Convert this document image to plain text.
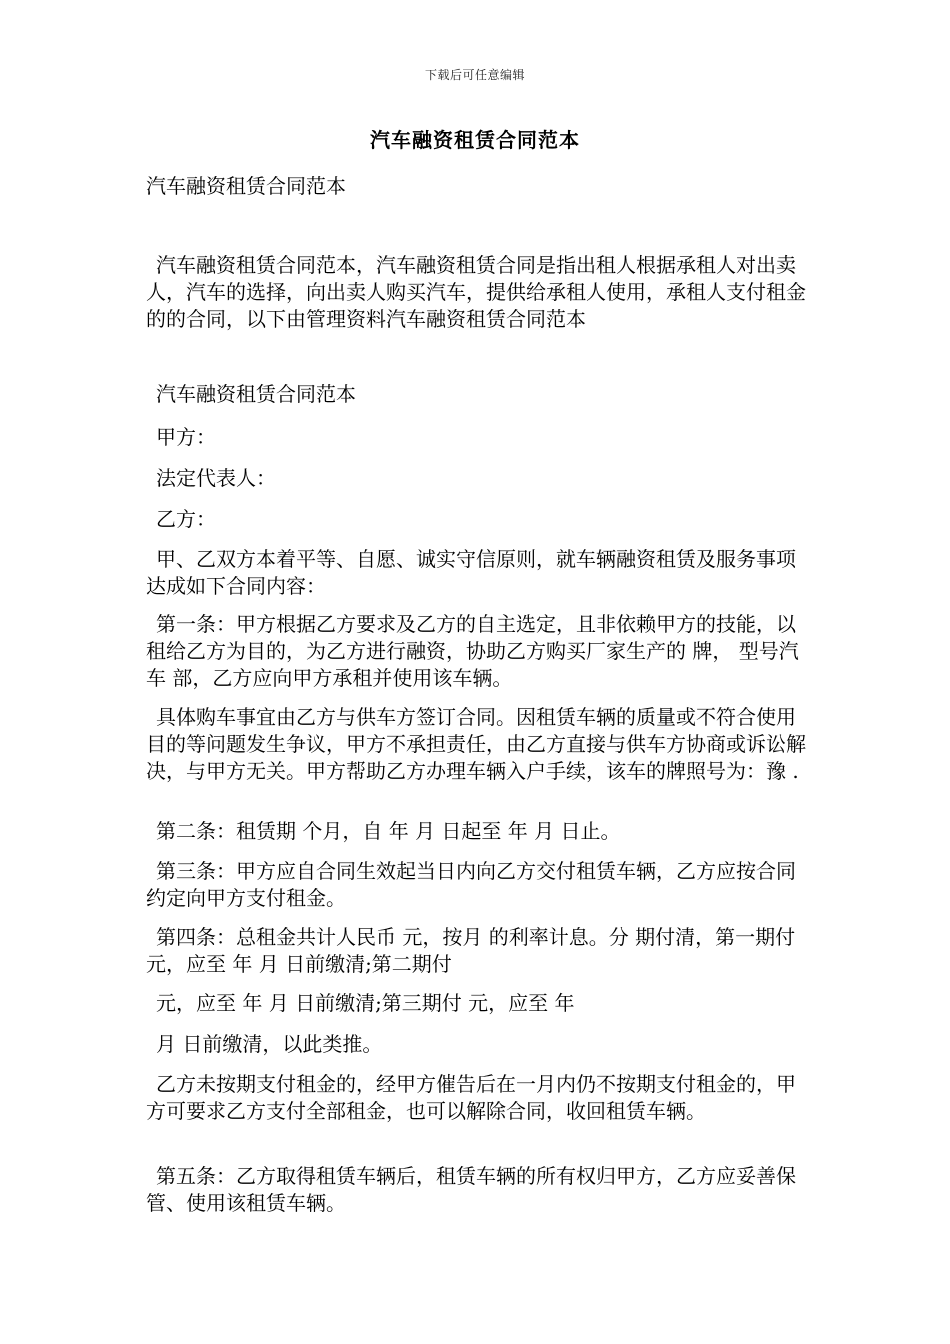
下载后可任意编辑
汽车融资租赁合同范本
汽车融资租赁合同范本
汽车融资租赁合同范本，汽车融资租赁合同是指出租人根据承租人对出卖人，汽车的选择，向出卖人购买汽车，提供给承租人使用，承租人支付租金的的合同，以下由管理资料汽车融资租赁合同范本
汽车融资租赁合同范本
甲方：
法定代表人：
乙方：
甲、乙双方本着平等、自愿、诚实守信原则，就车辆融资租赁及服务事项达成如下合同内容：
第一条：甲方根据乙方要求及乙方的自主选定，且非依赖甲方的技能，以租给乙方为目的，为乙方进行融资，协助乙方购买厂家生产的 牌， 型号汽车 部，乙方应向甲方承租并使用该车辆。
具体购车事宜由乙方与供车方签订合同。因租赁车辆的质量或不符合使用目的等问题发生争议，甲方不承担责任，由乙方直接与供车方协商或诉讼解决，与甲方无关。甲方帮助乙方办理车辆入户手续，该车的牌照号为：豫 .
第二条：租赁期 个月，自 年 月 日起至 年 月 日止。
第三条：甲方应自合同生效起当日内向乙方交付租赁车辆，乙方应按合同约定向甲方支付租金。
第四条：总租金共计人民币 元，按月 的利率计息。分 期付清，第一期付 元，应至 年 月 日前缴清;第二期付
元，应至 年 月 日前缴清;第三期付 元，应至 年
月 日前缴清，以此类推。
乙方未按期支付租金的，经甲方催告后在一月内仍不按期支付租金的，甲方可要求乙方支付全部租金，也可以解除合同，收回租赁车辆。
第五条：乙方取得租赁车辆后，租赁车辆的所有权归甲方，乙方应妥善保管、使用该租赁车辆。
